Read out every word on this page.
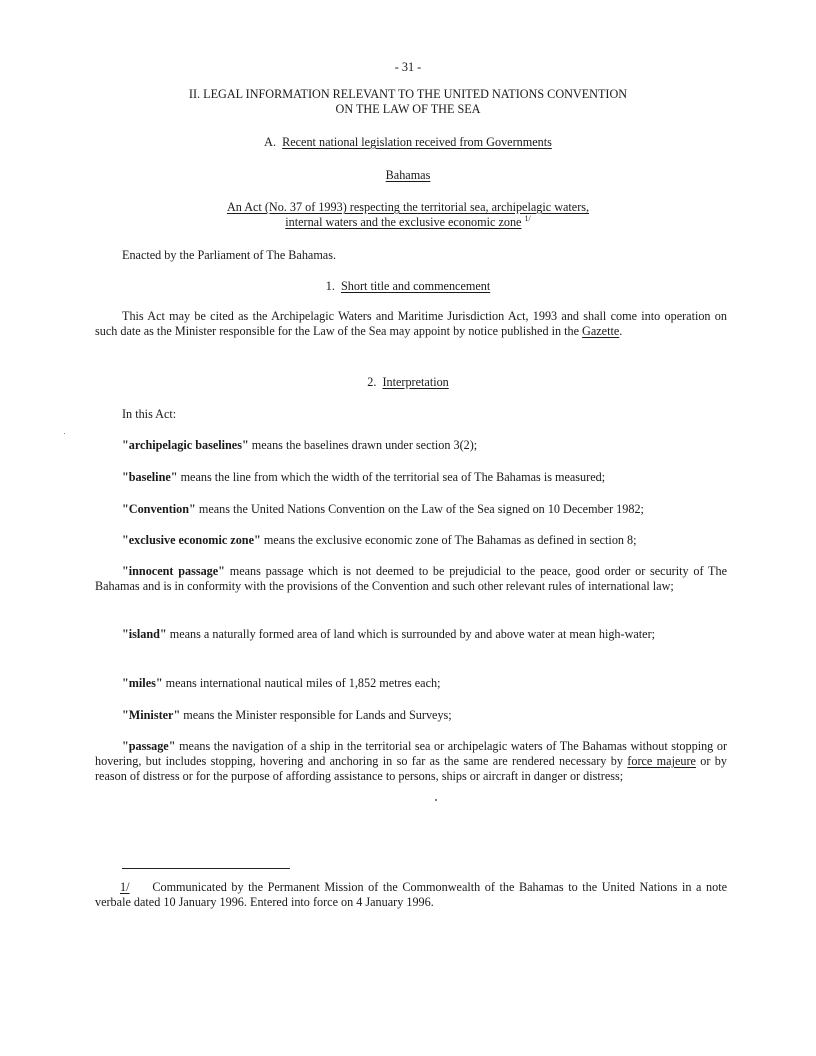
- 31 -
II. LEGAL INFORMATION RELEVANT TO THE UNITED NATIONS CONVENTION
ON THE LAW OF THE SEA
A. Recent national legislation received from Governments
Bahamas
An Act (No. 37 of 1993) respecting the territorial sea, archipelagic waters,
internal waters and the exclusive economic zone $^{1/}$
Enacted by the Parliament of The Bahamas.
1. Short title and commencement

This Act may be cited as the Archipelagic Waters and Maritime Jurisdiction Act, 1993 and shall come into operation on such date as the Minister responsible for the Law of the Sea may appoint by notice published in the Gazette.

2. Interpretation
In this Act:
"archipelagic baselines" means the baselines drawn under section 3(2);
"baseline" means the line from which the width of the territorial sea of The Bahamas is measured;
"Convention" means the United Nations Convention on the Law of the Sea signed on 10 December 1982;
"exclusive economic zone" means the exclusive economic zone of The Bahamas as defined in section 8;

"innocent passage" means passage which is not deemed to be prejudicial to the peace, good order or security of The Bahamas and is in conformity with the provisions of the Convention and such other relevant rules of international law;

"island" means a naturally formed area of land which is surrounded by and above water at mean high-water;

"miles" means international nautical miles of 1,852 metres each;
"Minister" means the Minister responsible for Lands and Surveys;

"passage" means the navigation of a ship in the territorial sea or archipelagic waters of The Bahamas without stopping or hovering, but includes stopping, hovering and anchoring in so far as the same are rendered necessary by force majeure or by reason of distress or for the purpose of affording assistance to persons, ships or aircraft in danger or distress;

1/ Communicated by the Permanent Mission of the Commonwealth of the Bahamas to the United Nations in a note verbale dated 10 January 1996. Entered into force on 4 January 1996.
